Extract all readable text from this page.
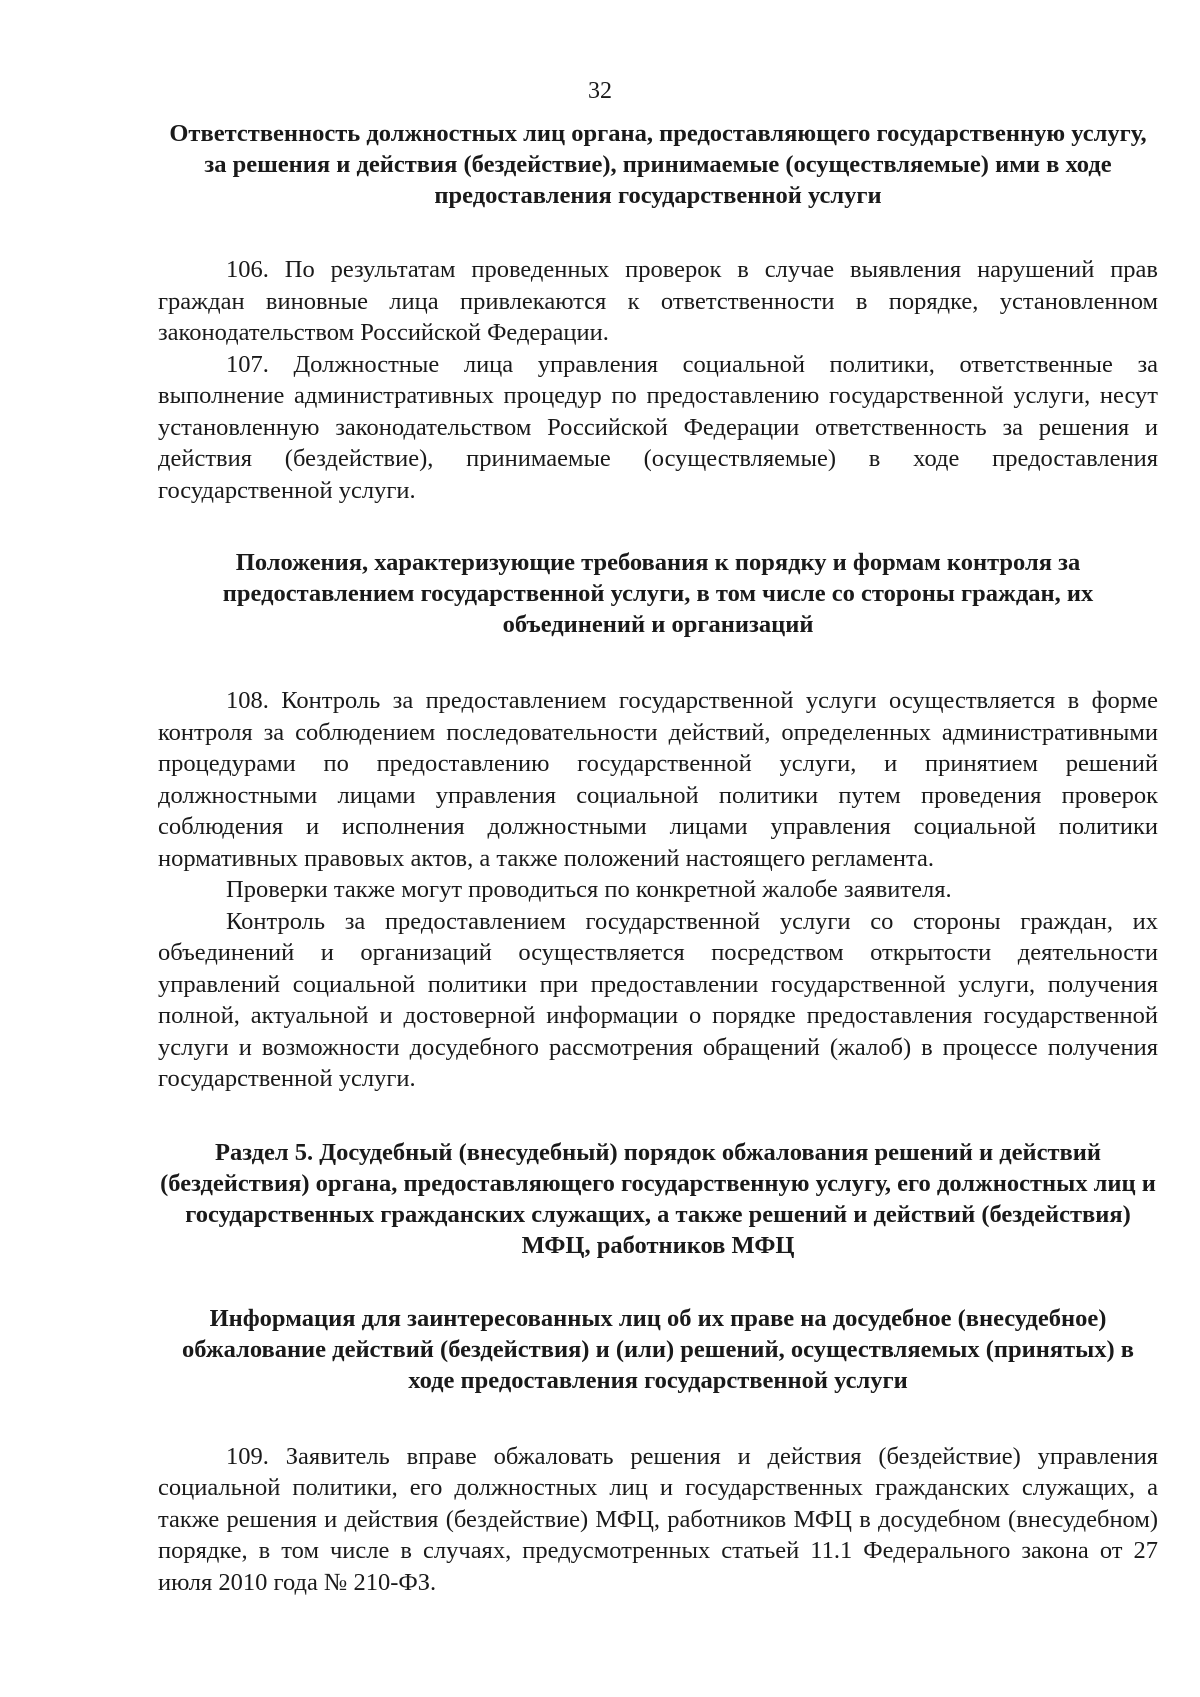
32

Ответственность должностных лиц органа, предоставляющего государственную услугу, за решения и действия (бездействие), принимаемые (осуществляемые) ими в ходе предоставления государственной услуги

106. По результатам проведенных проверок в случае выявления нарушений прав граждан виновные лица привлекаются к ответственности в порядке, установленном законодательством Российской Федерации.

107. Должностные лица управления социальной политики, ответственные за выполнение административных процедур по предоставлению государственной услуги, несут установленную законодательством Российской Федерации ответственность за решения и действия (бездействие), принимаемые (осуществляемые) в ходе предоставления государственной услуги.

Положения, характеризующие требования к порядку и формам контроля за предоставлением государственной услуги, в том числе со стороны граждан, их объединений и организаций

108. Контроль за предоставлением государственной услуги осуществляется в форме контроля за соблюдением последовательности действий, определенных административными процедурами по предоставлению государственной услуги, и принятием решений должностными лицами управления социальной политики путем проведения проверок соблюдения и исполнения должностными лицами управления социальной политики нормативных правовых актов, а также положений настоящего регламента.

Проверки также могут проводиться по конкретной жалобе заявителя.

Контроль за предоставлением государственной услуги со стороны граждан, их объединений и организаций осуществляется посредством открытости деятельности управлений социальной политики при предоставлении государственной услуги, получения полной, актуальной и достоверной информации о порядке предоставления государственной услуги и возможности досудебного рассмотрения обращений (жалоб) в процессе получения государственной услуги.

Раздел 5. Досудебный (внесудебный) порядок обжалования решений и действий (бездействия) органа, предоставляющего государственную услугу, его должностных лиц и государственных гражданских служащих, а также решений и действий (бездействия) МФЦ, работников МФЦ

Информация для заинтересованных лиц об их праве на досудебное (внесудебное) обжалование действий (бездействия) и (или) решений, осуществляемых (принятых) в ходе предоставления государственной услуги

109. Заявитель вправе обжаловать решения и действия (бездействие) управления социальной политики, его должностных лиц и государственных гражданских служащих, а также решения и действия (бездействие) МФЦ, работников МФЦ в досудебном (внесудебном) порядке, в том числе в случаях, предусмотренных статьей 11.1 Федерального закона от 27 июля 2010 года № 210-ФЗ.
